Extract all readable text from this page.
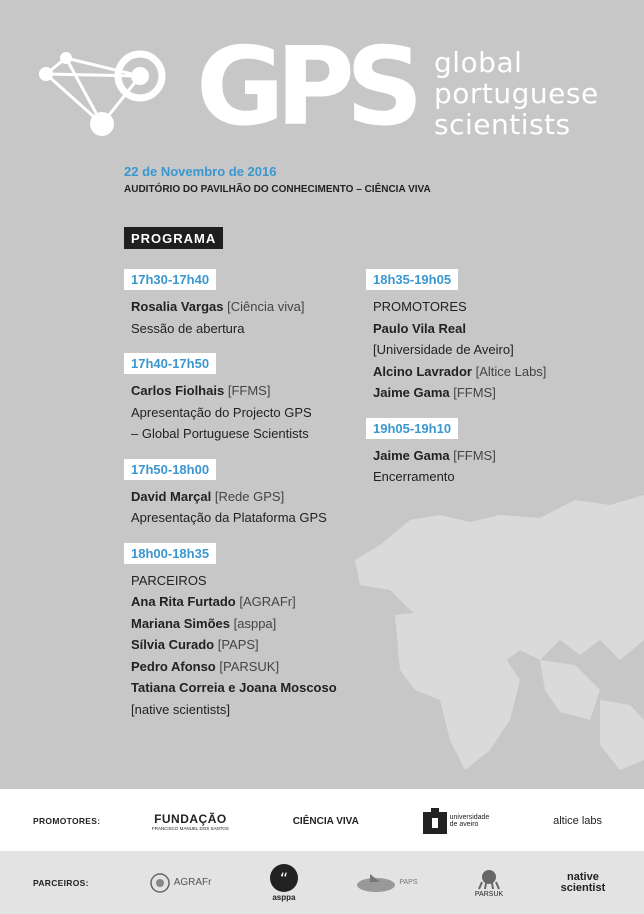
GPS global
portuguese
scientists
22 de Novembro de 2016
AUDITÓRIO DO PAVILHÃO DO CONHECIMENTO – CIÊNCIA VIVA
PROGRAMA
17h30-17h40
Rosalia Vargas [Ciência viva]
Sessão de abertura
17h40-17h50
Carlos Fiolhais [FFMS]
Apresentação do Projecto GPS
– Global Portuguese Scientists
17h50-18h00
David Marçal [Rede GPS]
Apresentação da Plataforma GPS
18h00-18h35
PARCEIROS
Ana Rita Furtado [AGRAFr]
Mariana Simões [asppa]
Sílvia Curado [PAPS]
Pedro Afonso [PARSUK]
Tatiana Correia e Joana Moscoso
[native scientists]
18h35-19h05
PROMOTORES
Paulo Vila Real
[Universidade de Aveiro]
Alcino Lavrador [Altice Labs]
Jaime Gama [FFMS]
19h05-19h10
Jaime Gama [FFMS]
Encerramento
PROMOTORES:	FUNDAÇÃO
FRANCISCO MANUEL DOS SANTOS
CIÊNCIA VIVA	universidade
de aveiro	altice labs
PARCEIROS:	AGRAFr	“
asppa
PAPS
PARSUK
native
scientist
